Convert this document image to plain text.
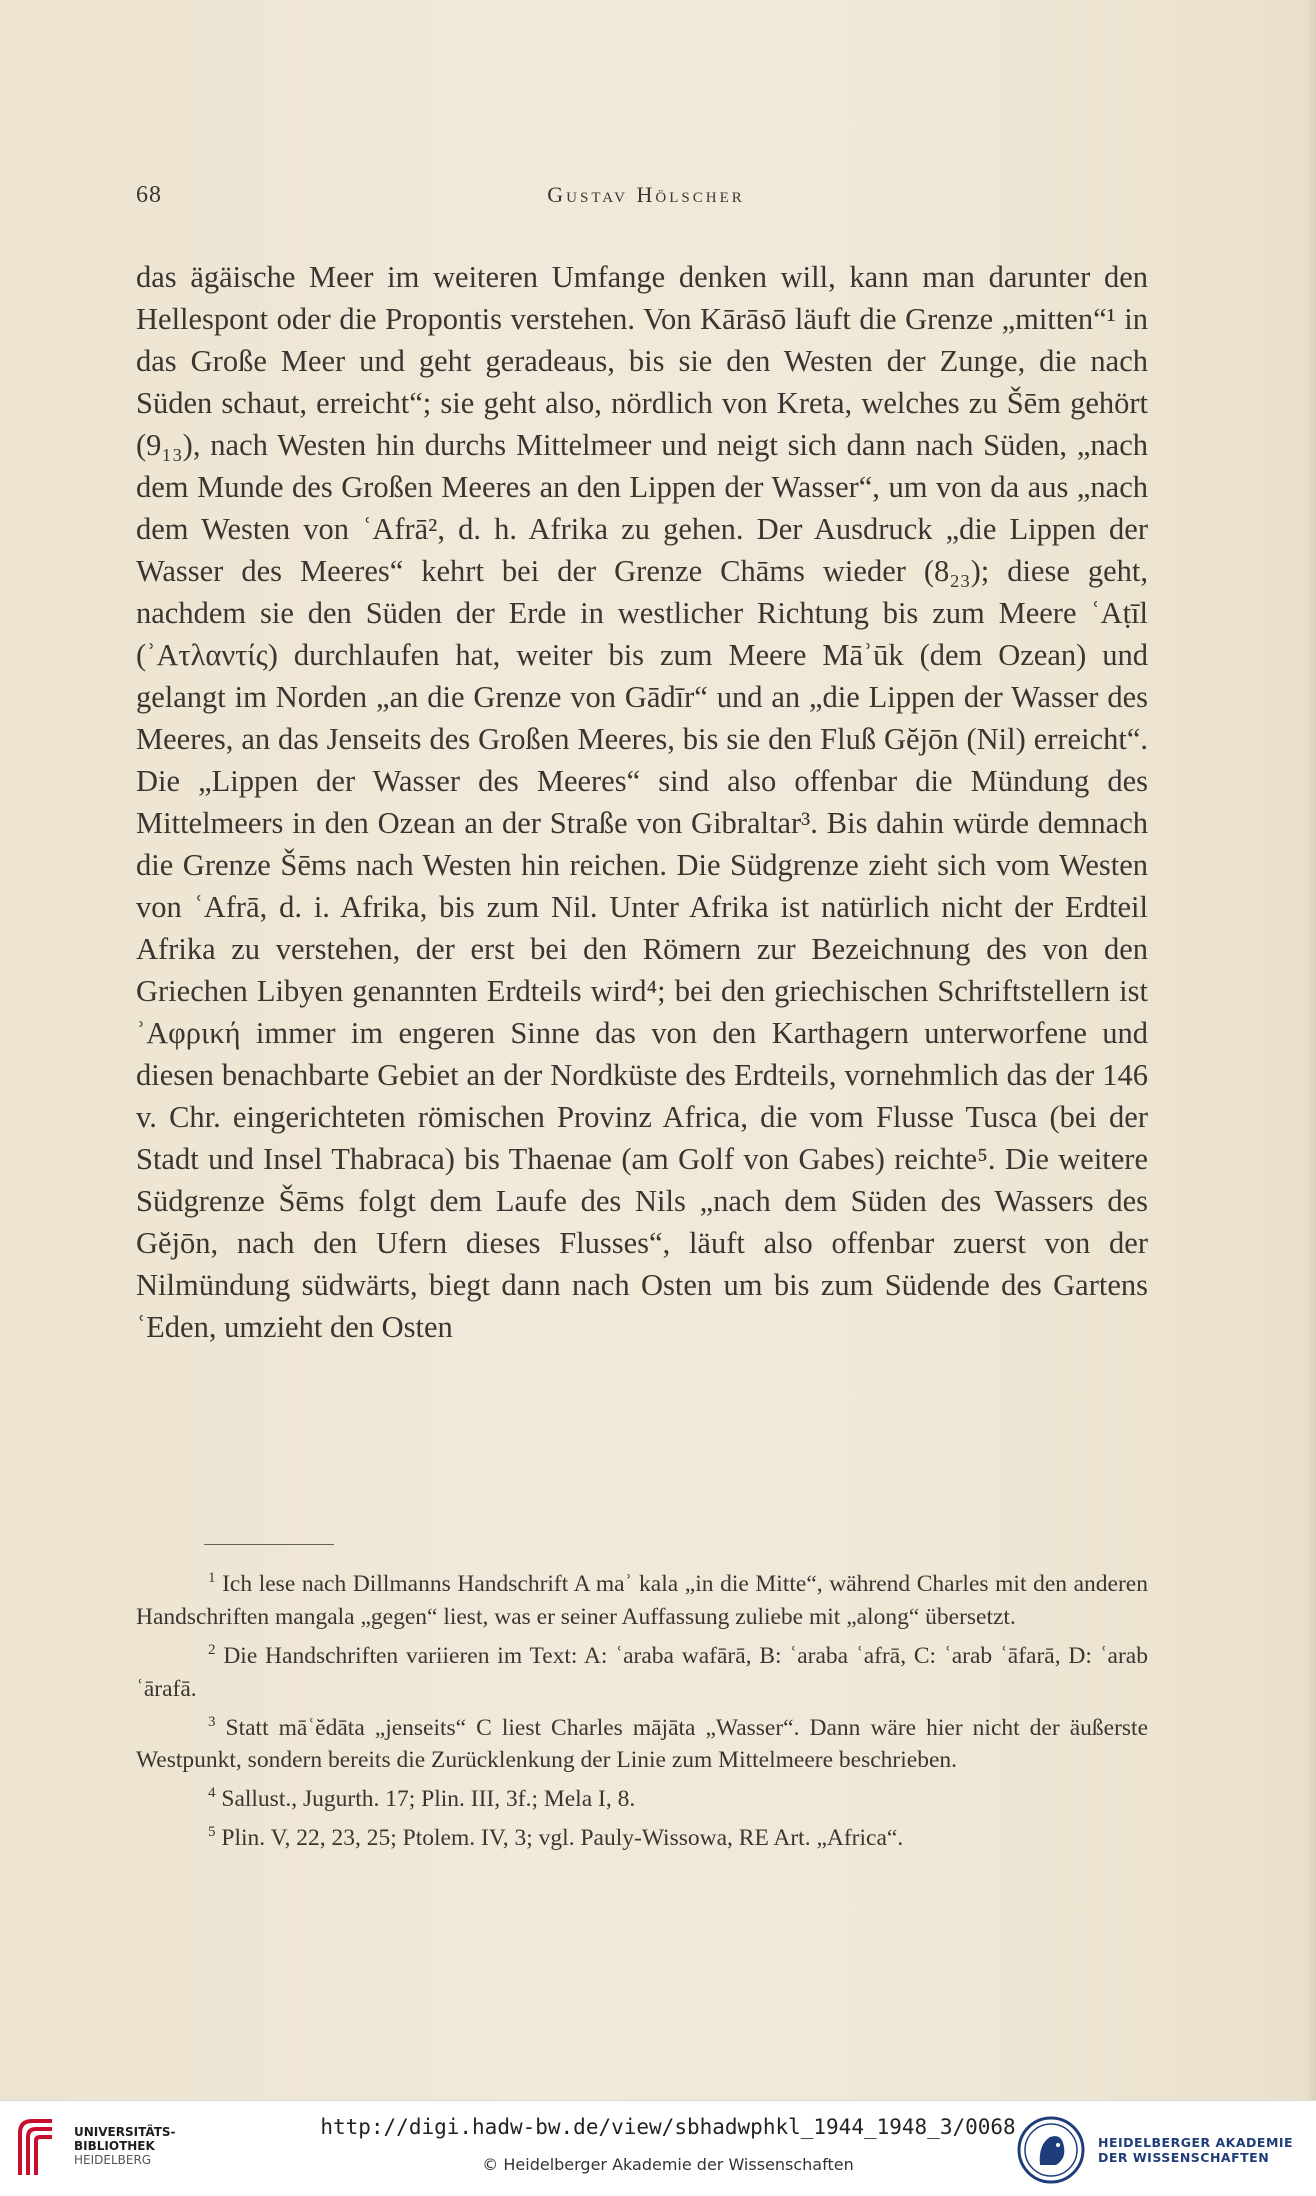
68	Gustav Hölscher

das ägäische Meer im weiteren Umfange denken will, kann man darunter den Hellespont oder die Propontis verstehen. Von Kārāsō läuft die Grenze „mitten“¹ in das Große Meer und geht geradeaus, bis sie den Westen der Zunge, die nach Süden schaut, erreicht“; sie geht also, nördlich von Kreta, welches zu Šēm gehört (9₁₃), nach Westen hin durchs Mittelmeer und neigt sich dann nach Süden, „nach dem Munde des Großen Meeres an den Lippen der Wasser“, um von da aus „nach dem Westen von ʿAfrā², d. h. Afrika zu gehen. Der Ausdruck „die Lippen der Wasser des Meeres“ kehrt bei der Grenze Chāms wieder (8₂₃); diese geht, nachdem sie den Süden der Erde in westlicher Richtung bis zum Meere ʿAṭīl (ʾΑτλαντίς) durchlaufen hat, weiter bis zum Meere Māʾūk (dem Ozean) und gelangt im Norden „an die Grenze von Gādīr“ und an „die Lippen der Wasser des Meeres, an das Jenseits des Großen Meeres, bis sie den Fluß Gĕjōn (Nil) erreicht“. Die „Lippen der Wasser des Meeres“ sind also offenbar die Mündung des Mittelmeers in den Ozean an der Straße von Gibraltar³. Bis dahin würde demnach die Grenze Šēms nach Westen hin reichen. Die Südgrenze zieht sich vom Westen von ʿAfrā, d. i. Afrika, bis zum Nil. Unter Afrika ist natürlich nicht der Erdteil Afrika zu verstehen, der erst bei den Römern zur Bezeichnung des von den Griechen Libyen genannten Erdteils wird⁴; bei den griechischen Schriftstellern ist ʾΑφρική immer im engeren Sinne das von den Karthagern unterworfene und diesen benachbarte Gebiet an der Nordküste des Erdteils, vornehmlich das der 146 v. Chr. eingerichteten römischen Provinz Africa, die vom Flusse Tusca (bei der Stadt und Insel Thabraca) bis Thaenae (am Golf von Gabes) reichte⁵. Die weitere Südgrenze Šēms folgt dem Laufe des Nils „nach dem Süden des Wassers des Gĕjōn, nach den Ufern dieses Flusses“, läuft also offenbar zuerst von der Nilmündung südwärts, biegt dann nach Osten um bis zum Südende des Gartens ʿEden, umzieht den Osten

$^1$ Ich lese nach Dillmanns Handschrift A maʾ kala „in die Mitte“, während Charles mit den anderen Handschriften mangala „gegen“ liest, was er seiner Auffassung zuliebe mit „along“ übersetzt.

$^2$ Die Handschriften variieren im Text: A: ʿaraba wafārā, B: ʿaraba ʿafrā, C: ʿarab ʿāfarā, D: ʿarab ʿārafā.

$^3$ Statt māʿĕdāta „jenseits“ C liest Charles mājāta „Wasser“. Dann wäre hier nicht der äußerste Westpunkt, sondern bereits die Zurücklenkung der Linie zum Mittelmeere beschrieben.

$^4$ Sallust., Jugurth. 17; Plin. III, 3f.; Mela I, 8.

$^5$ Plin. V, 22, 23, 25; Ptolem. IV, 3; vgl. Pauly-Wissowa, RE Art. „Africa“.

UNIVERSITÄTS-
BIBLIOTHEK
HEIDELBERG
http://digi.hadw-bw.de/view/sbhadwphkl_1944_1948_3/0068
© Heidelberger Akademie der Wissenschaften
HEIDELBERGER AKADEMIE
DER WISSENSCHAFTEN
